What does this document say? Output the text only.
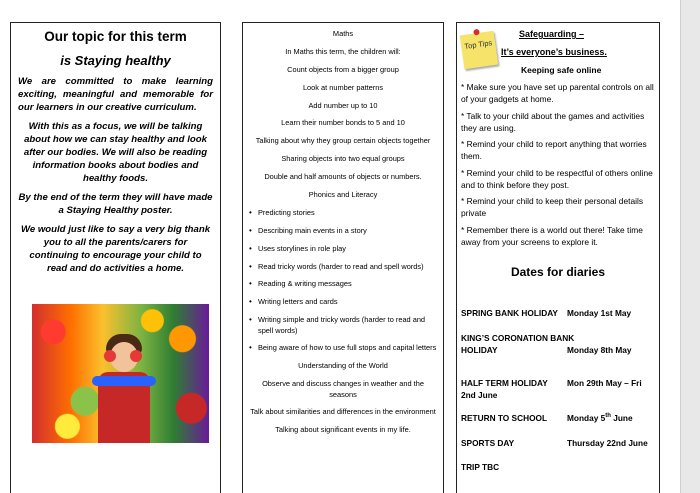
Our topic for this term
is Staying healthy

We are committed to make learning exciting, meaningful and memorable for our learners in our creative curriculum.

With this as a focus, we will be talking about how we can stay healthy and look after our bodies. We will also be reading information books about bodies and healthy foods.

By the end of the term they will have made a Staying Healthy poster.

We would just like to say a very big thank you to all the parents/carers for continuing to encourage your child to read and do activities a home.

Maths
In Maths this term, the children will:
Count objects from a bigger group
Look at number patterns
Add number up to 10
Learn their number bonds to 5 and 10
Talking about why they group certain objects together
Sharing objects into two equal groups
Double and half amounts of objects or numbers.
Phonics and Literacy
• Predicting stories
• Describing main events in a story
• Uses storylines in role play
• Read tricky words (harder to read and spell words)
• Reading & writing messages
• Writing letters and cards
• Writing simple and tricky words (harder to read and spell words)
• Being aware of how to use full stops and capital letters
Understanding of the World
Observe and discuss changes in weather and the seasons
Talk about similarities and differences in the environment
Talking about significant events in my life.
Top Tips
Safeguarding –
It’s everyone’s business.
Keeping safe online

* Make sure you have set up parental controls on all of your gadgets at home.

* Talk to your child about the games and activities they are using.

* Remind your child to report anything that worries them.

* Remind your child to be respectful of others online and to think before they post.

* Remind your child to keep their personal details private

* Remember there is a world out there! Take time away from your screens to explore it.

Dates for diaries
SPRING BANK HOLIDAY Monday 1st May
KING’S CORONATION BANK
HOLIDAY	Monday 8th May
HALF TERM HOLIDAY Mon 29th May – Fri
2nd June
RETURN TO SCHOOL Monday 5th June
SPORTS DAY	Thursday 22nd June
TRIP TBC
